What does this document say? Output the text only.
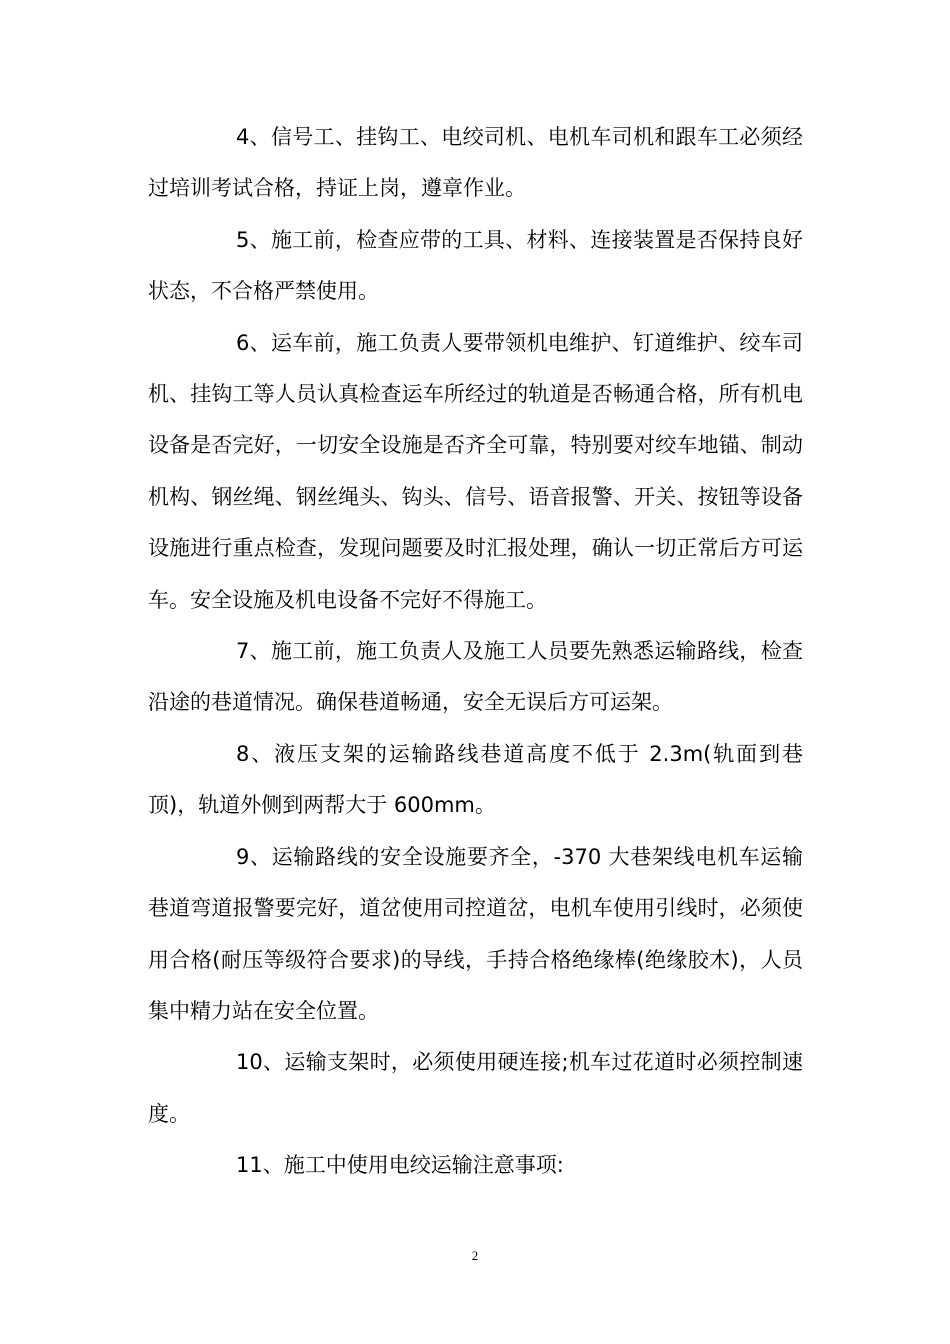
4、信号工、挂钩工、电绞司机、电机车司机和跟车工必须经过培训考试合格，持证上岗，遵章作业。

5、施工前，检查应带的工具、材料、连接装置是否保持良好状态，不合格严禁使用。

6、运车前，施工负责人要带领机电维护、钉道维护、绞车司机、挂钩工等人员认真检查运车所经过的轨道是否畅通合格，所有机电设备是否完好，一切安全设施是否齐全可靠，特别要对绞车地锚、制动机构、钢丝绳、钢丝绳头、钩头、信号、语音报警、开关、按钮等设备设施进行重点检查，发现问题要及时汇报处理，确认一切正常后方可运车。安全设施及机电设备不完好不得施工。

7、施工前，施工负责人及施工人员要先熟悉运输路线，检查沿途的巷道情况。确保巷道畅通，安全无误后方可运架。

8、液压支架的运输路线巷道高度不低于 2.3m(轨面到巷顶)，轨道外侧到两帮大于 600mm。

9、运输路线的安全设施要齐全，-370 大巷架线电机车运输巷道弯道报警要完好，道岔使用司控道岔，电机车使用引线时，必须使用合格(耐压等级符合要求)的导线，手持合格绝缘棒(绝缘胶木)，人员集中精力站在安全位置。

10、运输支架时，必须使用硬连接;机车过花道时必须控制速度。

11、施工中使用电绞运输注意事项:

2
